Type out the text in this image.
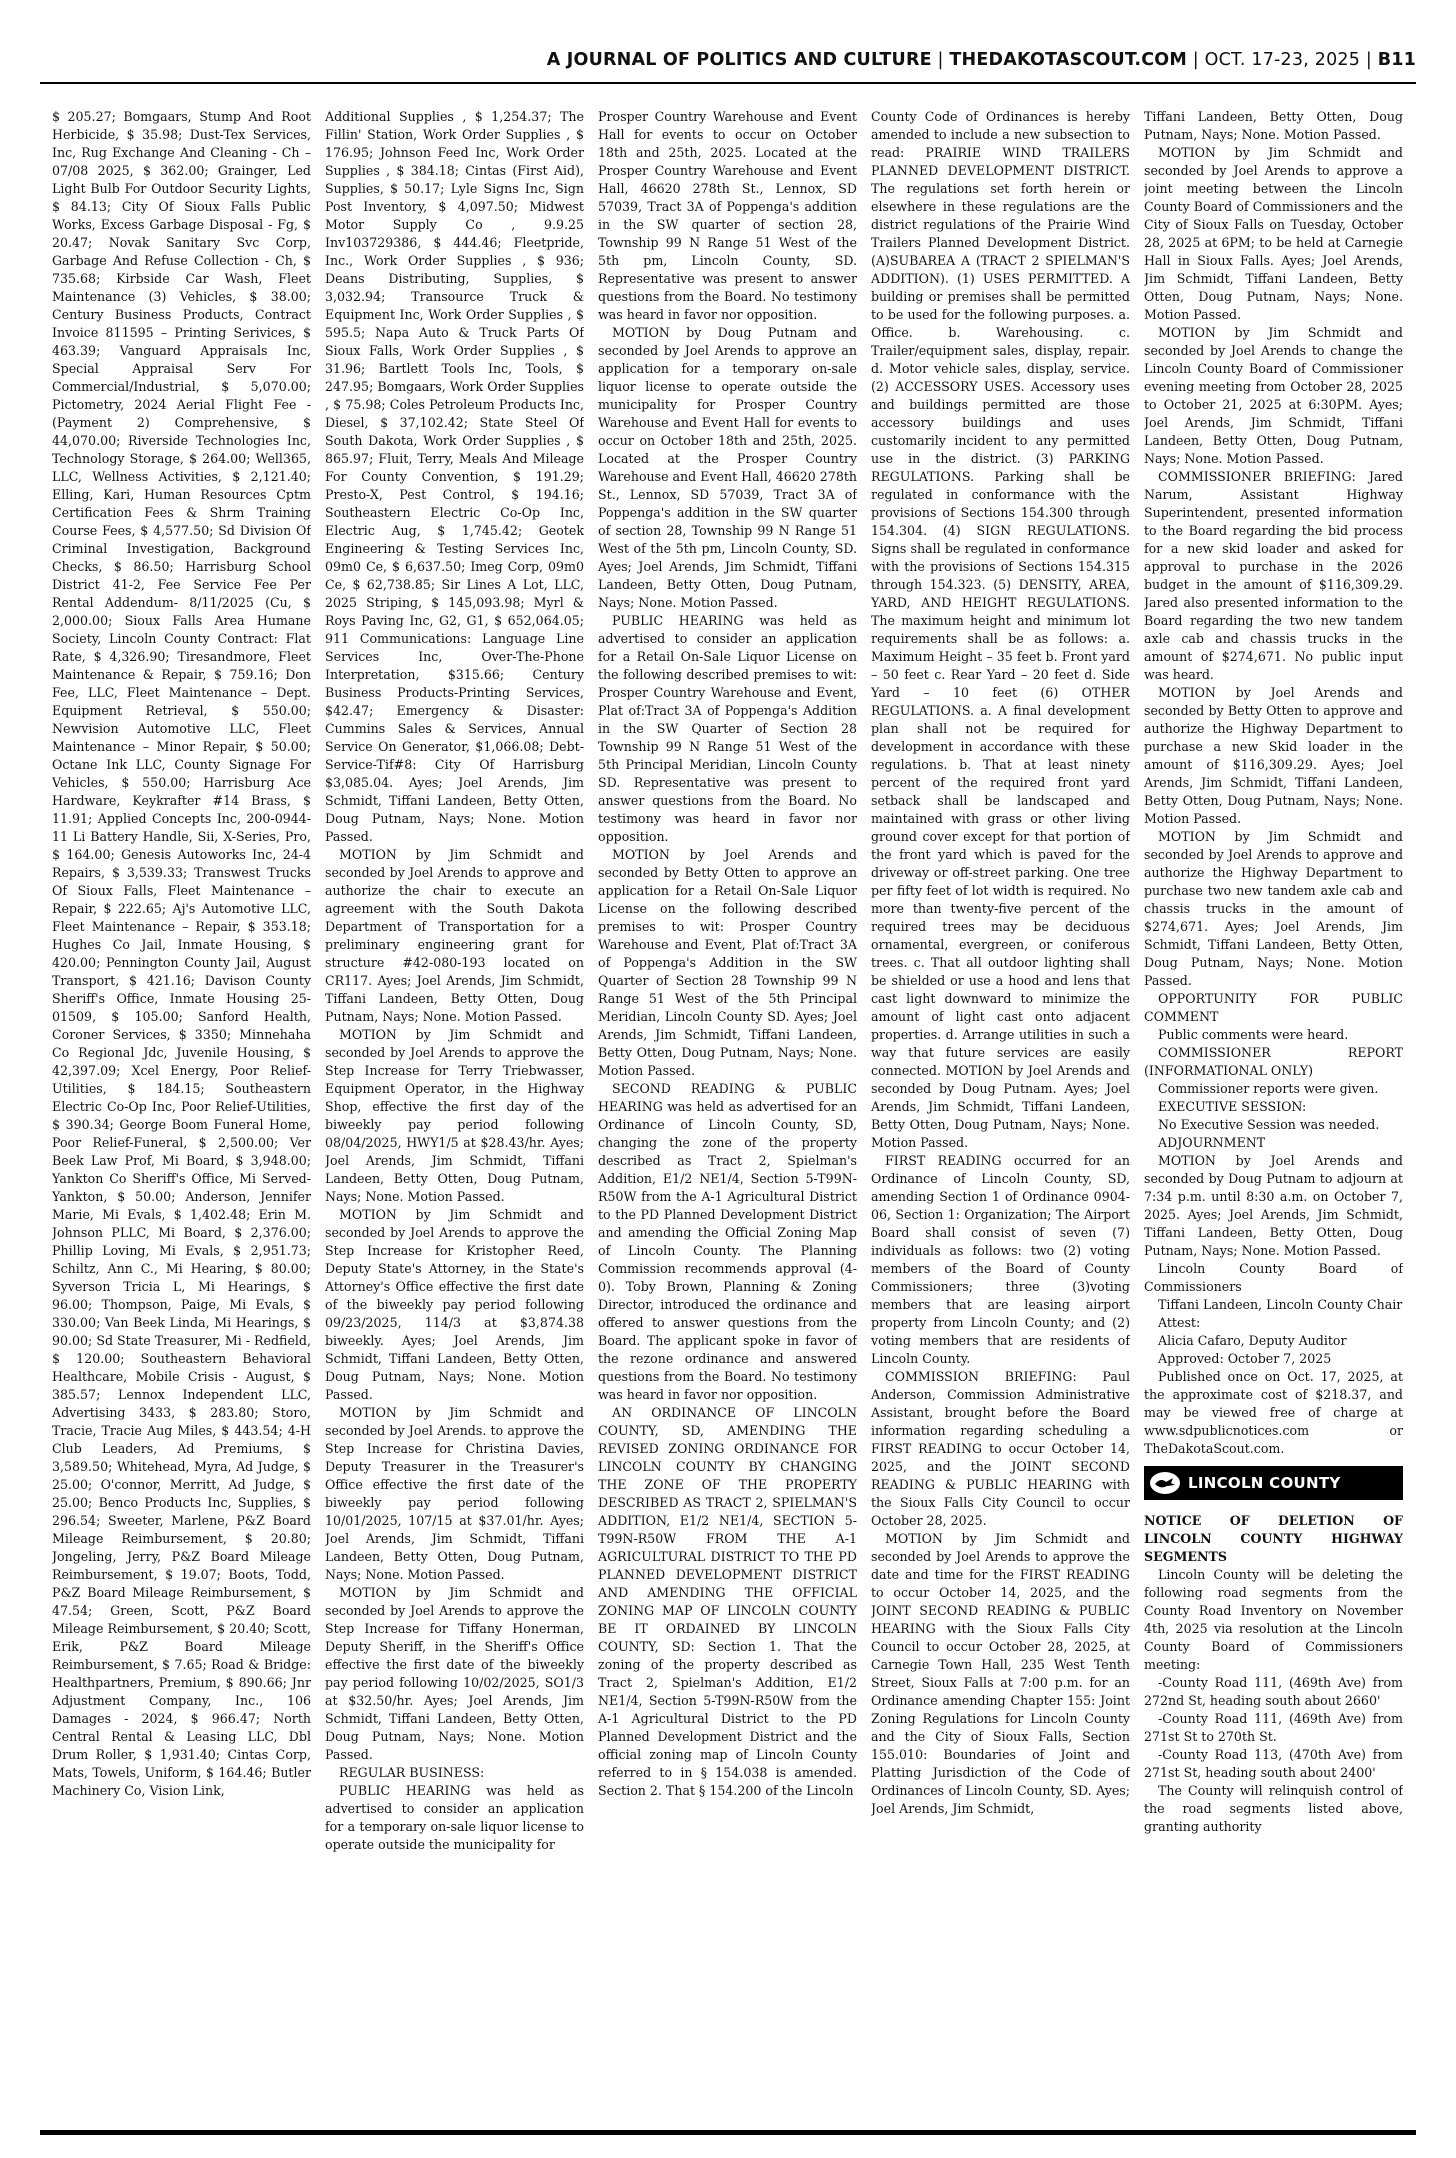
A JOURNAL OF POLITICS AND CULTURE | THEDAKOTASCOUT.COM | OCT. 17-23, 2025 | B11

$ 205.27; Bomgaars, Stump And Root Herbicide, $ 35.98; Dust-Tex Services, Inc, Rug Exchange And Cleaning - Ch – 07/08 2025, $ 362.00; Grainger, Led Light Bulb For Outdoor Security Lights, $ 84.13; City Of Sioux Falls Public Works, Excess Garbage Disposal - Fg, $ 20.47; Novak Sanitary Svc Corp, Garbage And Refuse Collection - Ch, $ 735.68; Kirbside Car Wash, Fleet Maintenance (3) Vehicles, $ 38.00; Century Business Products, Contract Invoice 811595 – Printing Serivices, $ 463.39; Vanguard Appraisals Inc, Special Appraisal Serv For Commercial/Industrial, $ 5,070.00; Pictometry, 2024 Aerial Flight Fee - (Payment 2) Comprehensive, $ 44,070.00; Riverside Technologies Inc, Technology Storage, $ 264.00; Well365, LLC, Wellness Activities, $ 2,121.40; Elling, Kari, Human Resources Cptm Certification Fees & Shrm Training Course Fees, $ 4,577.50; Sd Division Of Criminal Investigation, Background Checks, $ 86.50; Harrisburg School District 41-2, Fee Service Fee Per Rental Addendum- 8/11/2025 (Cu, $ 2,000.00; Sioux Falls Area Humane Society, Lincoln County Contract: Flat Rate, $ 4,326.90; Tiresandmore, Fleet Maintenance & Repair, $ 759.16; Don Fee, LLC, Fleet Maintenance – Dept. Equipment Retrieval, $ 550.00; Newvision Automotive LLC, Fleet Maintenance – Minor Repair, $ 50.00; Octane Ink LLC, County Signage For Vehicles, $ 550.00; Harrisburg Ace Hardware, Keykrafter #14 Brass, $ 11.91; Applied Concepts Inc, 200-0944-11 Li Battery Handle, Sii, X-Series, Pro, $ 164.00; Genesis Autoworks Inc, 24-4 Repairs, $ 3,539.33; Transwest Trucks Of Sioux Falls, Fleet Maintenance – Repair, $ 222.65; Aj's Automotive LLC, Fleet Maintenance – Repair, $ 353.18; Hughes Co Jail, Inmate Housing, $ 420.00; Pennington County Jail, August Transport, $ 421.16; Davison County Sheriff's Office, Inmate Housing 25-01509, $ 105.00; Sanford Health, Coroner Services, $ 3350; Minnehaha Co Regional Jdc, Juvenile Housing, $ 42,397.09; Xcel Energy, Poor Relief-Utilities, $ 184.15; Southeastern Electric Co-Op Inc, Poor Relief-Utilities, $ 390.34; George Boom Funeral Home, Poor Relief-Funeral, $ 2,500.00; Ver Beek Law Prof, Mi Board, $ 3,948.00; Yankton Co Sheriff's Office, Mi Served-Yankton, $ 50.00; Anderson, Jennifer Marie, Mi Evals, $ 1,402.48; Erin M. Johnson PLLC, Mi Board, $ 2,376.00; Phillip Loving, Mi Evals, $ 2,951.73; Schiltz, Ann C., Mi Hearing, $ 80.00; Syverson Tricia L, Mi Hearings, $ 96.00; Thompson, Paige, Mi Evals, $ 330.00; Van Beek Linda, Mi Hearings, $ 90.00; Sd State Treasurer, Mi - Redfield, $ 120.00; Southeastern Behavioral Healthcare, Mobile Crisis - August, $ 385.57; Lennox Independent LLC, Advertising 3433, $ 283.80; Storo, Tracie, Tracie Aug Miles, $ 443.54; 4-H Club Leaders, Ad Premiums, $ 3,589.50; Whitehead, Myra, Ad Judge, $ 25.00; O'connor, Merritt, Ad Judge, $ 25.00; Benco Products Inc, Supplies, $ 296.54; Sweeter, Marlene, P&Z Board Mileage Reimbursement, $ 20.80; Jongeling, Jerry, P&Z Board Mileage Reimbursement, $ 19.07; Boots, Todd, P&Z Board Mileage Reimbursement, $ 47.54; Green, Scott, P&Z Board Mileage Reimbursement, $ 20.40; Scott, Erik, P&Z Board Mileage Reimbursement, $ 7.65; Road & Bridge: Healthpartners, Premium, $ 890.66; Jnr Adjustment Company, Inc., 106 Damages - 2024, $ 966.47; North Central Rental & Leasing LLC, Dbl Drum Roller, $ 1,931.40; Cintas Corp, Mats, Towels, Uniform, $ 164.46; Butler Machinery Co, Vision Link,

Additional Supplies , $ 1,254.37; The Fillin' Station, Work Order Supplies , $ 176.95; Johnson Feed Inc, Work Order Supplies , $ 384.18; Cintas (First Aid), Supplies, $ 50.17; Lyle Signs Inc, Sign Post Inventory, $ 4,097.50; Midwest Motor Supply Co , 9.9.25 Inv103729386, $ 444.46; Fleetpride, Inc., Work Order Supplies , $ 936; Deans Distributing, Supplies, $ 3,032.94; Transource Truck & Equipment Inc, Work Order Supplies , $ 595.5; Napa Auto & Truck Parts Of Sioux Falls, Work Order Supplies , $ 31.96; Bartlett Tools Inc, Tools, $ 247.95; Bomgaars, Work Order Supplies , $ 75.98; Coles Petroleum Products Inc, Diesel, $ 37,102.42; State Steel Of South Dakota, Work Order Supplies , $ 865.97; Fluit, Terry, Meals And Mileage For County Convention, $ 191.29; Presto-X, Pest Control, $ 194.16; Southeastern Electric Co-Op Inc, Electric Aug, $ 1,745.42; Geotek Engineering & Testing Services Inc, 09m0 Ce, $ 6,637.50; Imeg Corp, 09m0 Ce, $ 62,738.85; Sir Lines A Lot, LLC, 2025 Striping, $ 145,093.98; Myrl & Roys Paving Inc, G2, G1, $ 652,064.05; 911 Communications: Language Line Services Inc, Over-The-Phone Interpretation, $315.66; Century Business Products-Printing Services, $42.47; Emergency & Disaster: Cummins Sales & Services, Annual Service On Generator, $1,066.08; Debt-Service-Tif#8: City Of Harrisburg $3,085.04. Ayes; Joel Arends, Jim Schmidt, Tiffani Landeen, Betty Otten, Doug Putnam, Nays; None. Motion Passed.

MOTION by Jim Schmidt and seconded by Joel Arends to approve and authorize the chair to execute an agreement with the South Dakota Department of Transportation for a preliminary engineering grant for structure #42-080-193 located on CR117. Ayes; Joel Arends, Jim Schmidt, Tiffani Landeen, Betty Otten, Doug Putnam, Nays; None. Motion Passed.

MOTION by Jim Schmidt and seconded by Joel Arends to approve the Step Increase for Terry Triebwasser, Equipment Operator, in the Highway Shop, effective the first day of the biweekly pay period following 08/04/2025, HWY1/5 at $28.43/hr. Ayes; Joel Arends, Jim Schmidt, Tiffani Landeen, Betty Otten, Doug Putnam, Nays; None. Motion Passed.

MOTION by Jim Schmidt and seconded by Joel Arends to approve the Step Increase for Kristopher Reed, Deputy State's Attorney, in the State's Attorney's Office effective the first date of the biweekly pay period following 09/23/2025, 114/3 at $3,874.38 biweekly. Ayes; Joel Arends, Jim Schmidt, Tiffani Landeen, Betty Otten, Doug Putnam, Nays; None. Motion Passed.

MOTION by Jim Schmidt and seconded by Joel Arends. to approve the Step Increase for Christina Davies, Deputy Treasurer in the Treasurer's Office effective the first date of the biweekly pay period following 10/01/2025, 107/15 at $37.01/hr. Ayes; Joel Arends, Jim Schmidt, Tiffani Landeen, Betty Otten, Doug Putnam, Nays; None. Motion Passed.

MOTION by Jim Schmidt and seconded by Joel Arends to approve the Step Increase for Tiffany Honerman, Deputy Sheriff, in the Sheriff's Office effective the first date of the biweekly pay period following 10/02/2025, SO1/3 at $32.50/hr. Ayes; Joel Arends, Jim Schmidt, Tiffani Landeen, Betty Otten, Doug Putnam, Nays; None. Motion Passed.

REGULAR BUSINESS:

PUBLIC HEARING was held as advertised to consider an application for a temporary on-sale liquor license to operate outside the municipality for

Prosper Country Warehouse and Event Hall for events to occur on October 18th and 25th, 2025. Located at the Prosper Country Warehouse and Event Hall, 46620 278th St., Lennox, SD 57039, Tract 3A of Poppenga's addition in the SW quarter of section 28, Township 99 N Range 51 West of the 5th pm, Lincoln County, SD. Representative was present to answer questions from the Board. No testimony was heard in favor nor opposition.

MOTION by Doug Putnam and seconded by Joel Arends to approve an application for a temporary on-sale liquor license to operate outside the municipality for Prosper Country Warehouse and Event Hall for events to occur on October 18th and 25th, 2025. Located at the Prosper Country Warehouse and Event Hall, 46620 278th St., Lennox, SD 57039, Tract 3A of Poppenga's addition in the SW quarter of section 28, Township 99 N Range 51 West of the 5th pm, Lincoln County, SD. Ayes; Joel Arends, Jim Schmidt, Tiffani Landeen, Betty Otten, Doug Putnam, Nays; None. Motion Passed.

PUBLIC HEARING was held as advertised to consider an application for a Retail On-Sale Liquor License on the following described premises to wit: Prosper Country Warehouse and Event, Plat of:Tract 3A of Poppenga's Addition in the SW Quarter of Section 28 Township 99 N Range 51 West of the 5th Principal Meridian, Lincoln County SD. Representative was present to answer questions from the Board. No testimony was heard in favor nor opposition.

MOTION by Joel Arends and seconded by Betty Otten to approve an application for a Retail On-Sale Liquor License on the following described premises to wit: Prosper Country Warehouse and Event, Plat of:Tract 3A of Poppenga's Addition in the SW Quarter of Section 28 Township 99 N Range 51 West of the 5th Principal Meridian, Lincoln County SD. Ayes; Joel Arends, Jim Schmidt, Tiffani Landeen, Betty Otten, Doug Putnam, Nays; None. Motion Passed.

SECOND READING & PUBLIC HEARING was held as advertised for an Ordinance of Lincoln County, SD, changing the zone of the property described as Tract 2, Spielman's Addition, E1/2 NE1/4, Section 5-T99N-R50W from the A-1 Agricultural District to the PD Planned Development District and amending the Official Zoning Map of Lincoln County. The Planning Commission recommends approval (4-0). Toby Brown, Planning & Zoning Director, introduced the ordinance and offered to answer questions from the Board. The applicant spoke in favor of the rezone ordinance and answered questions from the Board. No testimony was heard in favor nor opposition.

AN ORDINANCE OF LINCOLN COUNTY, SD, AMENDING THE REVISED ZONING ORDINANCE FOR LINCOLN COUNTY BY CHANGING THE ZONE OF THE PROPERTY DESCRIBED AS TRACT 2, SPIELMAN'S ADDITION, E1/2 NE1/4, SECTION 5-T99N-R50W FROM THE A-1 AGRICULTURAL DISTRICT TO THE PD PLANNED DEVELOPMENT DISTRICT AND AMENDING THE OFFICIAL ZONING MAP OF LINCOLN COUNTY BE IT ORDAINED BY LINCOLN COUNTY, SD: Section 1. That the zoning of the property described as Tract 2, Spielman's Addition, E1/2 NE1/4, Section 5-T99N-R50W from the A-1 Agricultural District to the PD Planned Development District and the official zoning map of Lincoln County referred to in § 154.038 is amended. Section 2. That § 154.200 of the Lincoln

County Code of Ordinances is hereby amended to include a new subsection to read: PRAIRIE WIND TRAILERS PLANNED DEVELOPMENT DISTRICT. The regulations set forth herein or elsewhere in these regulations are the district regulations of the Prairie Wind Trailers Planned Development District. (A)SUBAREA A (TRACT 2 SPIELMAN'S ADDITION). (1) USES PERMITTED. A building or premises shall be permitted to be used for the following purposes. a. Office. b. Warehousing. c. Trailer/equipment sales, display, repair. d. Motor vehicle sales, display, service. (2) ACCESSORY USES. Accessory uses and buildings permitted are those accessory buildings and uses customarily incident to any permitted use in the district. (3) PARKING REGULATIONS. Parking shall be regulated in conformance with the provisions of Sections 154.300 through 154.304. (4) SIGN REGULATIONS. Signs shall be regulated in conformance with the provisions of Sections 154.315 through 154.323. (5) DENSITY, AREA, YARD, AND HEIGHT REGULATIONS. The maximum height and minimum lot requirements shall be as follows: a. Maximum Height – 35 feet b. Front yard – 50 feet c. Rear Yard – 20 feet d. Side Yard – 10 feet (6) OTHER REGULATIONS. a. A final development plan shall not be required for development in accordance with these regulations. b. That at least ninety percent of the required front yard setback shall be landscaped and maintained with grass or other living ground cover except for that portion of the front yard which is paved for the driveway or off-street parking. One tree per fifty feet of lot width is required. No more than twenty-five percent of the required trees may be deciduous ornamental, evergreen, or coniferous trees. c. That all outdoor lighting shall be shielded or use a hood and lens that cast light downward to minimize the amount of light cast onto adjacent properties. d. Arrange utilities in such a way that future services are easily connected. MOTION by Joel Arends and seconded by Doug Putnam. Ayes; Joel Arends, Jim Schmidt, Tiffani Landeen, Betty Otten, Doug Putnam, Nays; None. Motion Passed.

FIRST READING occurred for an Ordinance of Lincoln County, SD, amending Section 1 of Ordinance 0904-06, Section 1: Organization; The Airport Board shall consist of seven (7) individuals as follows: two (2) voting members of the Board of County Commissioners; three (3)voting members that are leasing airport property from Lincoln County; and (2) voting members that are residents of Lincoln County.

COMMISSION BRIEFING: Paul Anderson, Commission Administrative Assistant, brought before the Board information regarding scheduling a FIRST READING to occur October 14, 2025, and the JOINT SECOND READING & PUBLIC HEARING with the Sioux Falls City Council to occur October 28, 2025.

MOTION by Jim Schmidt and seconded by Joel Arends to approve the date and time for the FIRST READING to occur October 14, 2025, and the JOINT SECOND READING & PUBLIC HEARING with the Sioux Falls City Council to occur October 28, 2025, at Carnegie Town Hall, 235 West Tenth Street, Sioux Falls at 7:00 p.m. for an Ordinance amending Chapter 155: Joint Zoning Regulations for Lincoln County and the City of Sioux Falls, Section 155.010: Boundaries of Joint and Platting Jurisdiction of the Code of Ordinances of Lincoln County, SD. Ayes; Joel Arends, Jim Schmidt,

Tiffani Landeen, Betty Otten, Doug Putnam, Nays; None. Motion Passed.

MOTION by Jim Schmidt and seconded by Joel Arends to approve a joint meeting between the Lincoln County Board of Commissioners and the City of Sioux Falls on Tuesday, October 28, 2025 at 6PM; to be held at Carnegie Hall in Sioux Falls. Ayes; Joel Arends, Jim Schmidt, Tiffani Landeen, Betty Otten, Doug Putnam, Nays; None. Motion Passed.

MOTION by Jim Schmidt and seconded by Joel Arends to change the Lincoln County Board of Commissioner evening meeting from October 28, 2025 to October 21, 2025 at 6:30PM. Ayes; Joel Arends, Jim Schmidt, Tiffani Landeen, Betty Otten, Doug Putnam, Nays; None. Motion Passed.

COMMISSIONER BRIEFING: Jared Narum, Assistant Highway Superintendent, presented information to the Board regarding the bid process for a new skid loader and asked for approval to purchase in the 2026 budget in the amount of $116,309.29. Jared also presented information to the Board regarding the two new tandem axle cab and chassis trucks in the amount of $274,671. No public input was heard.

MOTION by Joel Arends and seconded by Betty Otten to approve and authorize the Highway Department to purchase a new Skid loader in the amount of $116,309.29. Ayes; Joel Arends, Jim Schmidt, Tiffani Landeen, Betty Otten, Doug Putnam, Nays; None. Motion Passed.

MOTION by Jim Schmidt and seconded by Joel Arends to approve and authorize the Highway Department to purchase two new tandem axle cab and chassis trucks in the amount of $274,671. Ayes; Joel Arends, Jim Schmidt, Tiffani Landeen, Betty Otten, Doug Putnam, Nays; None. Motion Passed.

OPPORTUNITY FOR PUBLIC COMMENT

Public comments were heard.

COMMISSIONER REPORT (INFORMATIONAL ONLY)

Commissioner reports were given.

EXECUTIVE SESSION:

No Executive Session was needed.

ADJOURNMENT

MOTION by Joel Arends and seconded by Doug Putnam to adjourn at 7:34 p.m. until 8:30 a.m. on October 7, 2025. Ayes; Joel Arends, Jim Schmidt, Tiffani Landeen, Betty Otten, Doug Putnam, Nays; None. Motion Passed.

Lincoln County Board of Commissioners

Tiffani Landeen, Lincoln County Chair

Attest:

Alicia Cafaro, Deputy Auditor

Approved: October 7, 2025

Published once on Oct. 17, 2025, at the approximate cost of $218.37, and may be viewed free of charge at www.sdpublicnotices.com or TheDakotaScout.com.

LINCOLN COUNTY

NOTICE OF DELETION OF LINCOLN COUNTY HIGHWAY SEGMENTS

Lincoln County will be deleting the following road segments from the County Road Inventory on November 4th, 2025 via resolution at the Lincoln County Board of Commissioners meeting:

-County Road 111, (469th Ave) from 272nd St, heading south about 2660'

-County Road 111, (469th Ave) from 271st St to 270th St.

-County Road 113, (470th Ave) from 271st St, heading south about 2400'

The County will relinquish control of the road segments listed above, granting authority
